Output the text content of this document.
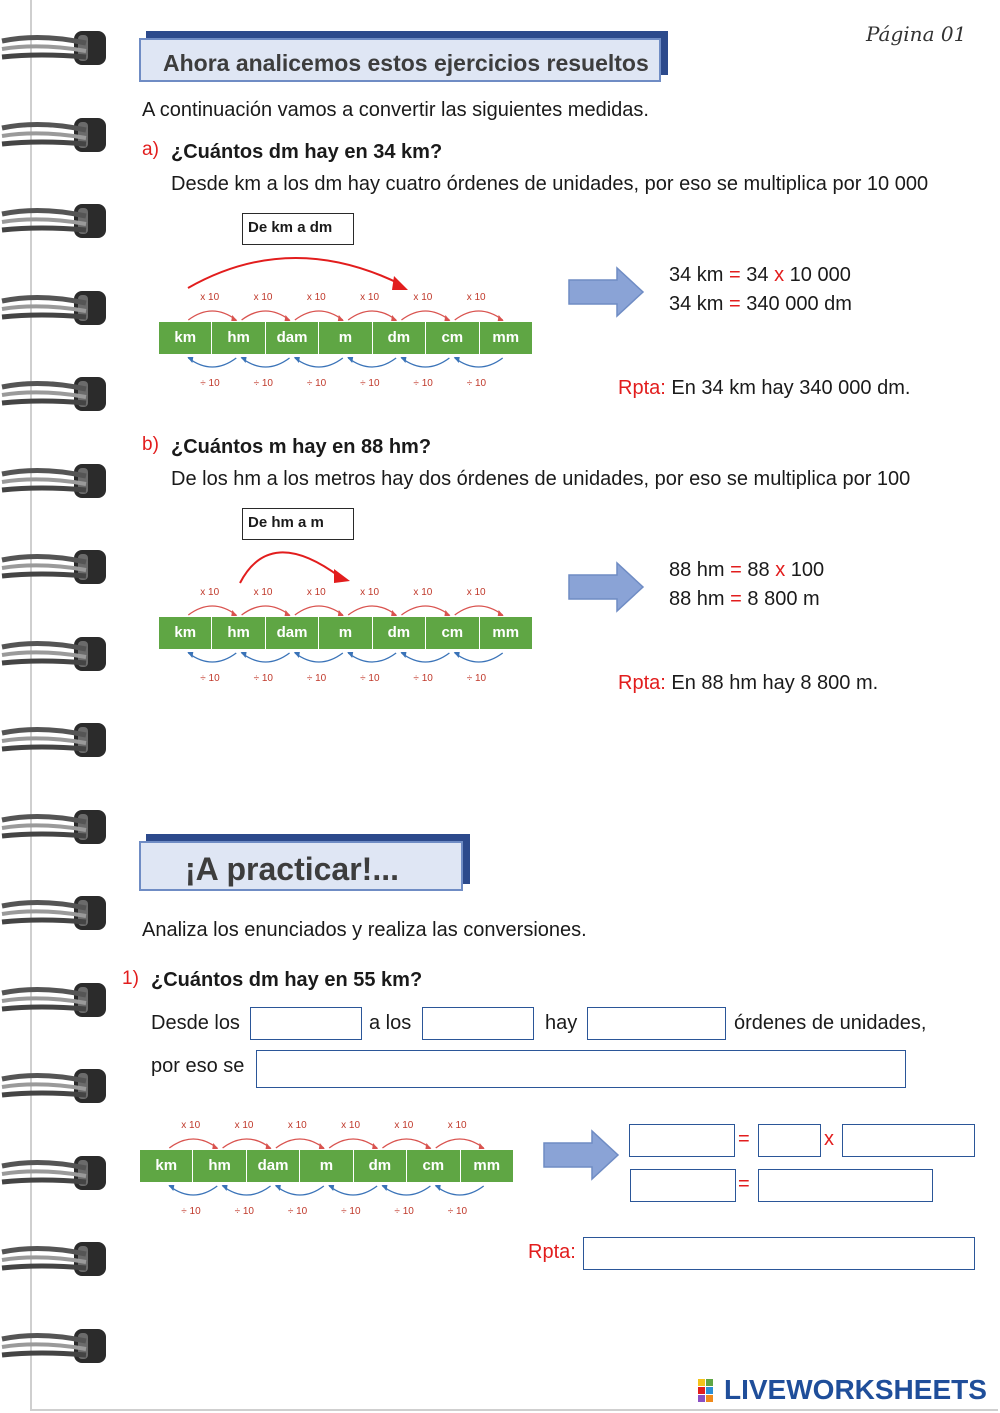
Página 01
Ahora analicemos estos ejercicios resueltos
A continuación vamos a convertir las siguientes medidas.
a) ¿Cuántos dm hay en 34 km?
Desde km a los dm hay cuatro órdenes de unidades, por eso se multiplica por 10 000
De km a dm
km	hm	dam	m	dm	cm	mm
x 10
÷ 10
x 10
÷ 10
x 10
÷ 10
x 10
÷ 10
x 10
÷ 10
x 10
÷ 10
34 km = 34 x 10 000
34 km = 340 000 dm
Rpta: En 34 km hay 340 000 dm.
b) ¿Cuántos m hay en 88 hm?
De los hm a los metros hay dos órdenes de unidades, por eso se multiplica por 100
De hm a m
km	hm	dam	m	dm	cm	mm
x 10
÷ 10
x 10
÷ 10
x 10
÷ 10
x 10
÷ 10
x 10
÷ 10
x 10
÷ 10
88 hm = 88 x 100
88 hm = 8 800 m
Rpta: En 88 hm hay 8 800 m.
¡A practicar!...
Analiza los enunciados y realiza las conversiones.
1) ¿Cuántos dm hay en 55 km?
Desde los	a los	hay	órdenes de unidades,
por eso se
km	hm	dam	m	dm	cm	mm
x 10
÷ 10
x 10
÷ 10
x 10
÷ 10
x 10
÷ 10
x 10
÷ 10
x 10
÷ 10
=	x
=
Rpta:
LIVEWORKSHEETS
